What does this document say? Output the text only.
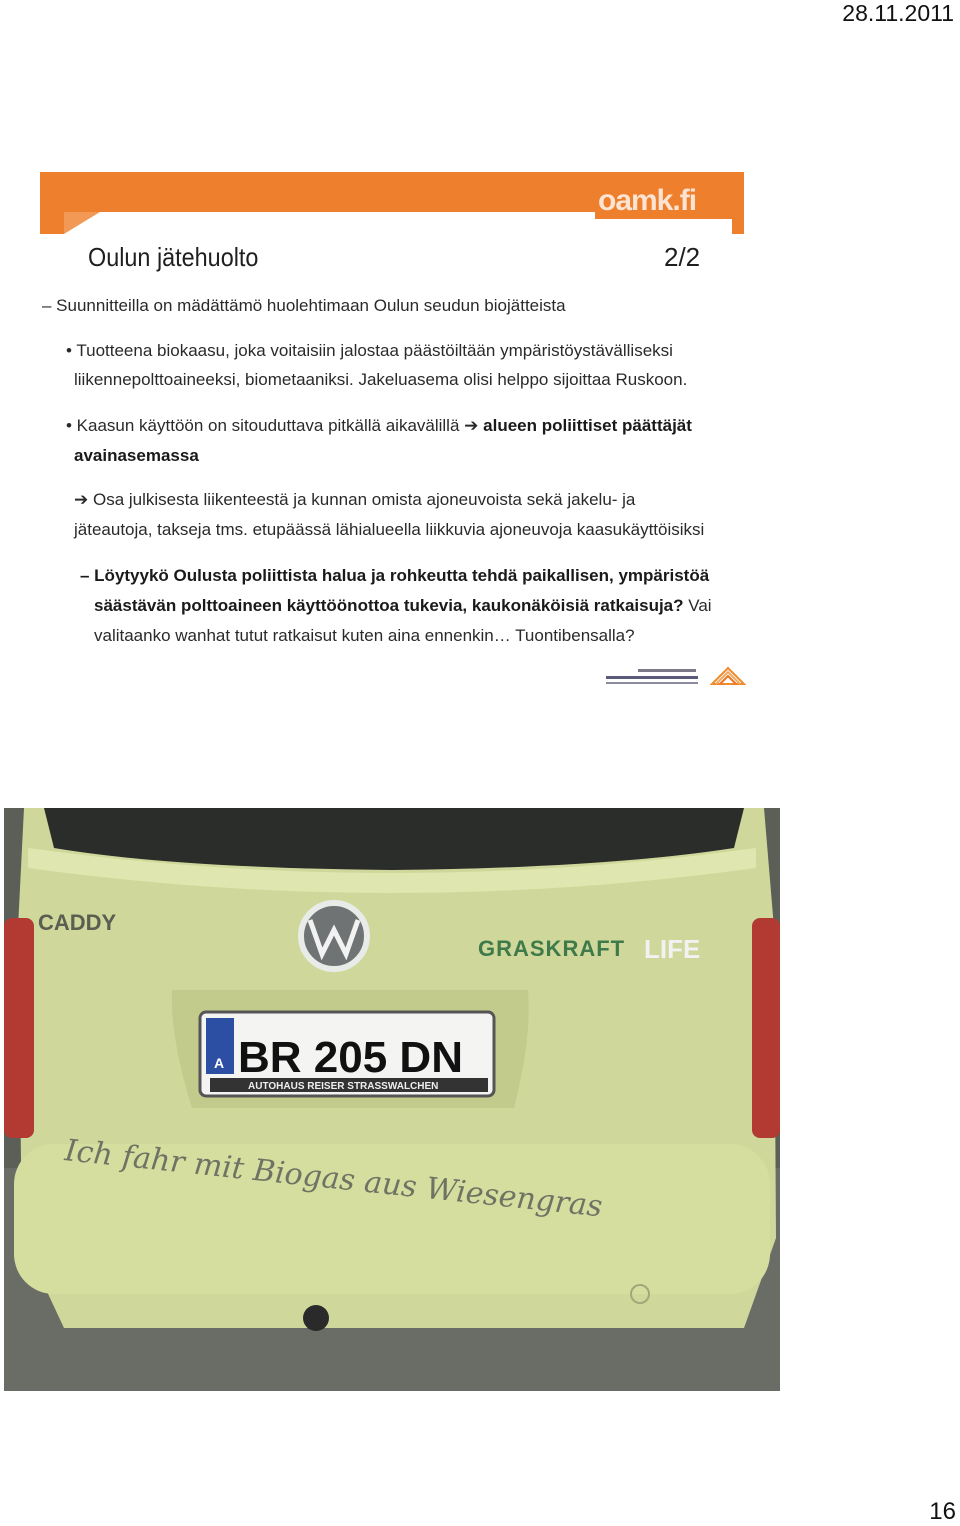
28.11.2011
16
oamk.fi
Oulun jätehuolto	2/2
– Suunnitteilla on mädättämö huolehtimaan Oulun seudun biojätteista
• Tuotteena biokaasu, joka voitaisiin jalostaa päästöiltään ympäristöystävälliseksi
liikennepolttoaineeksi, biometaaniksi. Jakeluasema olisi helppo sijoittaa Ruskoon.
• Kaasun käyttöön on sitouduttava pitkällä aikavälillä ➔ alueen poliittiset päättäjät
avainasemassa
➔ Osa julkisesta liikenteestä ja kunnan omista ajoneuvoista sekä jakelu- ja
jäteautoja, takseja tms. etupäässä lähialueella liikkuvia ajoneuvoja kaasukäyttöisiksi
– Löytyykö Oulusta poliittista halua ja rohkeutta tehdä paikallisen, ympäristöä
säästävän polttoaineen käyttöönottoa tukevia, kaukonäköisiä ratkaisuja? Vai
valitaanko wanhat tutut ratkaisut kuten aina ennenkin… Tuontibensalla?
CADDY
GRASKRAFT LIFE
A BR 205 DN
AUTOHAUS REISER STRASSWALCHEN
Ich fahr mit Biogas aus Wiesengras
